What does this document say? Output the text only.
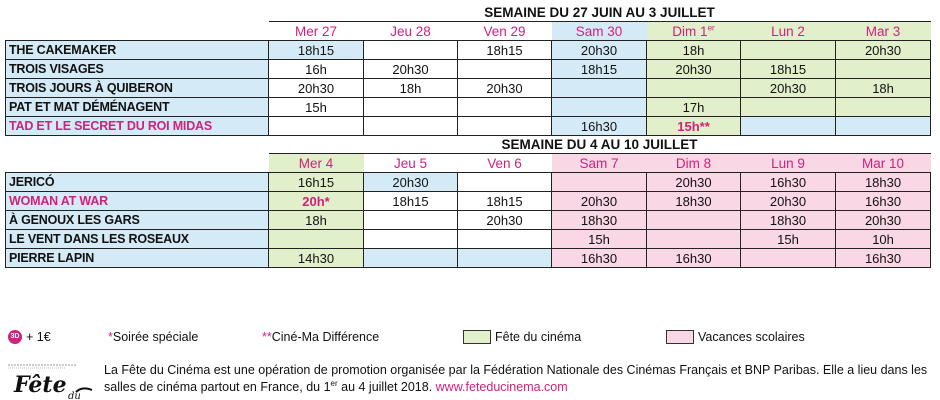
	SEMAINE DU 27 JUIN AU 3 JUILLET						
	Mer 27	Jeu 28	Ven 29	Sam 30	Dim 1er	Lun 2	Mar 3
THE CAKEMAKER	18h15		18h15	20h30	18h		20h30
TROIS VISAGES	16h	20h30		18h15	20h30	18h15	
TROIS JOURS À QUIBERON	20h30	18h	20h30			20h30	18h
PAT ET MAT DÉMÉNAGENT	15h				17h		
TAD ET LE SECRET DU ROI MIDAS				16h30	15h**		
	SEMAINE DU 4 AU 10 JUILLET						
	Mer 4	Jeu 5	Ven 6	Sam 7	Dim 8	Lun 9	Mar 10
JERICÓ	16h15	20h30			20h30	16h30	18h30
WOMAN AT WAR	20h*	18h15	18h15	20h30	18h30	20h30	16h30
À GENOUX LES GARS	18h		20h30	18h30		18h30	20h30
LE VENT DANS LES ROSEAUX				15h		15h	10h
PIERRE LAPIN	14h30			16h30	16h30		16h30
3D + 1€	*Soirée spéciale	**Ciné-Ma Différence	Fête du cinéma	Vacances scolaires
Fête du
La Fête du Cinéma est une opération de promotion organisée par la Fédération Nationale des Cinémas Français et BNP Paribas. Elle a lieu dans les salles de cinéma partout en France, du 1er au 4 juillet 2018. www.feteducinema.com
